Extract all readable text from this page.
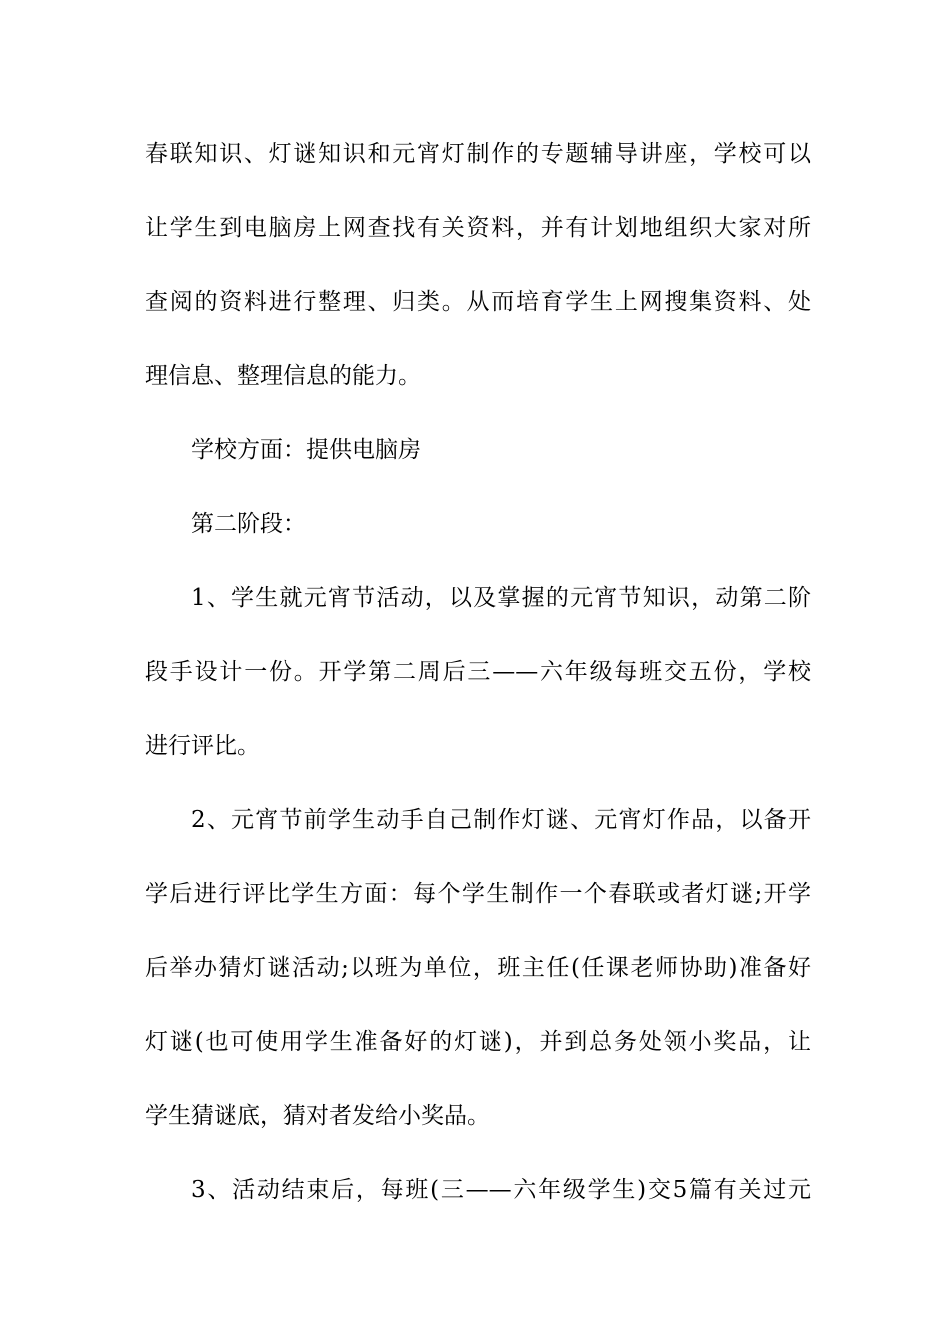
春联知识、灯谜知识和元宵灯制作的专题辅导讲座，学校可以
让学生到电脑房上网查找有关资料，并有计划地组织大家对所
查阅的资料进行整理、归类。从而培育学生上网搜集资料、处
理信息、整理信息的能力。
学校方面：提供电脑房
第二阶段：
1、学生就元宵节活动，以及掌握的元宵节知识，动第二阶
段手设计一份。开学第二周后三——六年级每班交五份，学校
进行评比。
2、元宵节前学生动手自己制作灯谜、元宵灯作品，以备开
学后进行评比学生方面：每个学生制作一个春联或者灯谜;开学
后举办猜灯谜活动;以班为单位，班主任(任课老师协助)准备好
灯谜(也可使用学生准备好的灯谜)，并到总务处领小奖品，让
学生猜谜底，猜对者发给小奖品。
3、活动结束后，每班(三——六年级学生)交5篇有关过元
